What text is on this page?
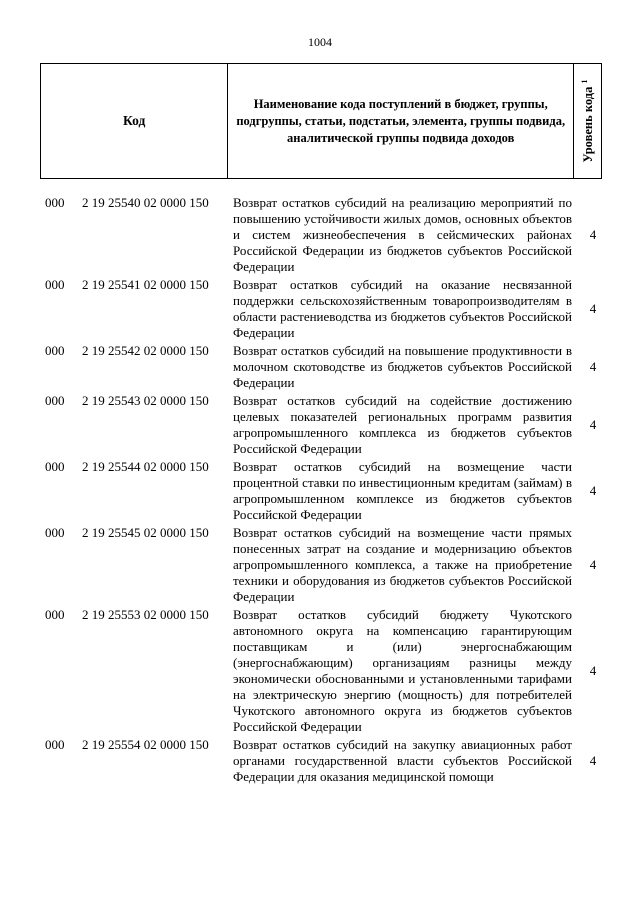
1004
Код
Наименование кода поступлений в бюджет, группы, подгруппы, статьи, подстатьи, элемента, группы подвида, аналитической группы подвида доходов	Уровень кода $^1$
000 2 19 25540 02 0000 150 Возврат остатков субсидий на реализацию мероприятий по повышению устойчивости жилых домов, основных объектов и систем жизнеобеспечения в сейсмических районах Российской Федерации из бюджетов субъектов Российской Федерации
4
000 2 19 25541 02 0000 150 Возврат остатков субсидий на оказание несвязанной поддержки сельскохозяйственным товаропроизводителям в области растениеводства из бюджетов субъектов Российской Федерации
4
000 2 19 25542 02 0000 150 Возврат остатков субсидий на повышение продуктивности в молочном скотоводстве из бюджетов субъектов Российской Федерации
4
000 2 19 25543 02 0000 150 Возврат остатков субсидий на содействие достижению целевых показателей региональных программ развития агропромышленного комплекса из бюджетов субъектов Российской Федерации
4
000 2 19 25544 02 0000 150 Возврат остатков субсидий на возмещение части процентной ставки по инвестиционным кредитам (займам) в агропромышленном комплексе из бюджетов субъектов Российской Федерации
4
000 2 19 25545 02 0000 150 Возврат остатков субсидий на возмещение части прямых понесенных затрат на создание и модернизацию объектов агропромышленного комплекса, а также на приобретение техники и оборудования из бюджетов субъектов Российской Федерации
4
000 2 19 25553 02 0000 150 Возврат остатков субсидий бюджету Чукотского автономного округа на компенсацию гарантирующим поставщикам и (или) энергоснабжающим (энергоснабжающим) организациям разницы между экономически обоснованными и установленными тарифами на электрическую энергию (мощность) для потребителей Чукотского автономного округа из бюджетов субъектов Российской Федерации
4
000 2 19 25554 02 0000 150 Возврат остатков субсидий на закупку авиационных работ органами государственной власти субъектов Российской Федерации для оказания медицинской помощи
4
